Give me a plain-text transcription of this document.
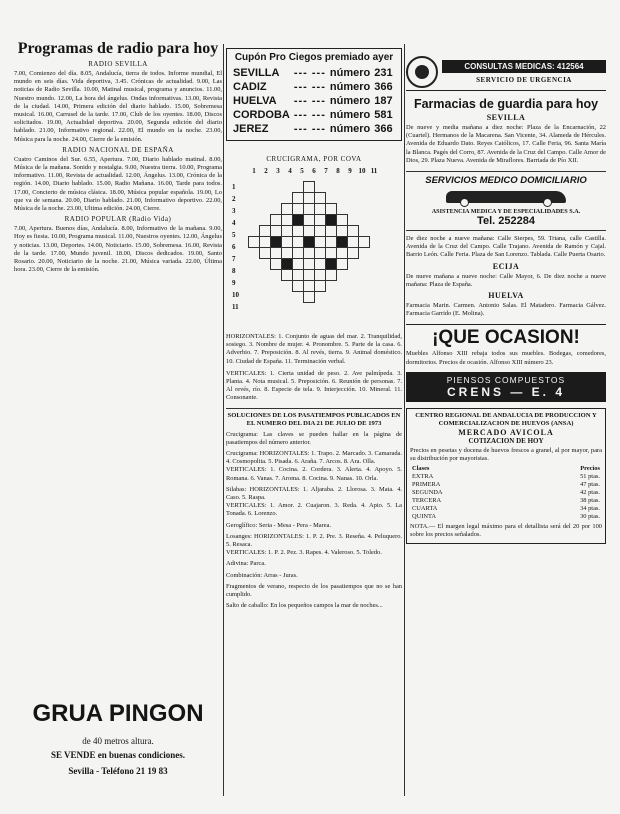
Programas de radio para hoy
RADIO SEVILLA

7.00, Comienzo del día. 8.05, Andalucía, tierra de todos. Informe mundial, El mundo en seis días. Vida deportiva, 3.45. Crónicas de actualidad. 9.00, Las noticias de Radio Sevilla. 10.00, Matinal musical, programa y anuncios. 11.00, Nuestro mundo. 12.00, La hora del ángelus. Ondas informativas. 13.00, Revista de la ciudad. 14.00, Primera edición del diario hablado. 15.00, Sobremesa musical. 16.00, Carrusel de la tarde. 17.00, Club de los oyentes. 18.00, Discos solicitados. 19.00, Actualidad deportiva. 20.00, Segunda edición del diario hablado. 21.00, Informativo regional. 22.00, El mundo en la noche. 23.00, Música para la noche. 24.00, Cierre de la emisión.

RADIO NACIONAL DE ESPAÑA

Cuatro Caminos del Sur. 6.55, Apertura. 7.00, Diario hablado matinal. 8.00, Música de la mañana. Sonido y nostalgia. 9.00, Nuestra tierra. 10.00, Programa informativo. 11.00, Revista de actualidad. 12.00, Ángelus. 13.00, Crónica de la región. 14.00, Diario hablado. 15.00, Radio Mañana. 16.00, Tarde para todos. 17.00, Concierto de música clásica. 18.00, Música popular española. 19.00, Lo que va de semana. 20.00, Diario hablado. 21.00, Informativo deportivo. 22.00, Música de la noche. 23.00, Ultima edición. 24.00, Cierre.

RADIO POPULAR (Radio Vida)

7.00, Apertura. Buenos días, Andalucía. 8.00, Informativo de la mañana. 9.00, Hoy es fiesta. 10.00, Programa musical. 11.00, Nuestros oyentes. 12.00, Ángelus y noticias. 13.00, Deportes. 14.00, Noticiario. 15.00, Sobremesa. 16.00, Revista de la tarde. 17.00, Mundo juvenil. 18.00, Discos dedicados. 19.00, Santo Rosario. 20.00, Noticiario de la noche. 21.00, Música variada. 22.00, Última hora. 23.00, Cierre de la emisión.

GRUA PINGON
de 40 metros altura.
SE VENDE en buenas condiciones.
Sevilla - Teléfono 21 19 83
Cupón Pro Ciegos premiado ayer
SEVILLA	--- ---	número	231
CADIZ	--- ---	número	366
HUELVA	--- ---	número	187
CORDOBA	--- ---	número	581
JEREZ	--- ---	número	366
CRUCIGRAMA, POR COVA
1	2	3	4	5	6	7	8	9 10 11
1
2
3
4
5
6
7
8
9
10
11

HORIZONTALES: 1. Conjunto de aguas del mar. 2. Tranquilidad, sosiego. 3. Nombre de mujer. 4. Pronombre. 5. Parte de la casa. 6. Adverbio. 7. Preposición. 8. Al revés, tierra. 9. Animal doméstico. 10. Ciudad de España. 11. Terminación verbal.

VERTICALES: 1. Cierta unidad de peso. 2. Ave palmípeda. 3. Planta. 4. Nota musical. 5. Preposición. 6. Reunión de personas. 7. Al revés, río. 8. Especie de tela. 9. Interjección. 10. Mineral. 11. Consonante.

SOLUCIONES DE LOS PASATIEMPOS PUBLICADOS EN EL NUMERO DEL DIA 21 DE JULIO DE 1973

Crucigrama: Las claves se pueden hallar en la página de pasatiempos del número anterior.

Crucigrama: HORIZONTALES: 1. Trapo. 2. Marcado. 3. Camarada. 4. Cosmopolita. 5. Pisada. 6. Araña. 7. Arcos. 8. Ara. Olla.

VERTICALES: 1. Cocina. 2. Cordera. 3. Alerta. 4. Apoyo. 5. Romana. 6. Vanas. 7. Aroma. 8. Cocina. 9. Nanas. 10. Orla.

Silabas: HORIZONTALES: 1. Aljaraba. 2. Llorosa. 3. Mata. 4. Caso. 5. Raspa.

VERTICALES: 1. Amor. 2. Cuajaron. 3. Reda. 4. Apio. 5. La Tonada. 6. Lorenzo.

Geroglífico: Seria - Mesa - Pera - Marea.

Losanges: HORIZONTALES: 1. P. 2. Pre. 3. Reseña. 4. Peluquero. 5. Resaca.

VERTICALES: 1. P. 2. Pez. 3. Rapes. 4. Valeroso. 5. Toledo.

Adivina: Parca.

Combinación: Arras - Juras.

Fragmentos de verano, respecto de los pasatiempos que no se han cumplido.

Salto de caballo: En los pequeños campos la mar de noches...

CONSULTAS MEDICAS: 412564
SERVICIO DE URGENCIA
Farmacias de guardia para hoy
SEVILLA

De nueve y media mañana a diez noche: Plaza de la Encarnación, 22 (Cuartel). Hermanos de la Macarena. San Vicente, 34. Alameda de Hércules. Avenida de Eduardo Dato. Reyes Católicos, 17. Calle Feria, 96. Santa María la Blanca. Pagés del Corro, 87. Avenida de la Cruz del Campo. Calle Amor de Dios, 29. Plaza Nueva. Avenida de Miraflores. Barriada de Pío XII.

SERVICIOS MEDICO DOMICILIARIO
ASISTENCIA MEDICA Y DE ESPECIALIDADES S.A.
Tel. 252284

De diez noche a nueve mañana: Calle Sierpes, 59. Triana, calle Castilla. Avenida de la Cruz del Campo. Calle Trajano. Avenida de Ramón y Cajal. Barrio León. Calle Feria. Plaza de San Lorenzo. Tablada. Calle Puerta Osario.

ECIJA

De nueve mañana a nueve noche: Calle Mayor, 6. De diez noche a nueve mañana: Plaza de España.

HUELVA

Farmacia Marin. Carmen. Antonio Salas. El Matadero. Farmacia Gálvez. Farmacia Garrido (E. Molina).

¡QUE OCASION!

Muebles Alfonso XIII rebaja todos sus muebles. Bodegas, comedores, dormitorios. Precios de ocasión. Alfonso XIII número 23.

PIENSOS COMPUESTOS
CRENS — E. 4
CENTRO REGIONAL DE ANDALUCIA DE PRODUCCION Y COMERCIALIZACION DE HUEVOS (ANSA)
MERCADO AVICOLA
COTIZACION DE HOY

Precios en pesetas y docena de huevos frescos a granel, al por mayor, para su distribución por mayoristas.

Clases	Precios
EXTRA	51 ptas.
PRIMERA	47 ptas.
SEGUNDA	42 ptas.
TERCERA	38 ptas.
CUARTA	34 ptas.
QUINTA	30 ptas.

NOTA.— El margen legal máximo para el detallista será del 20 por 100 sobre los precios señalados.
